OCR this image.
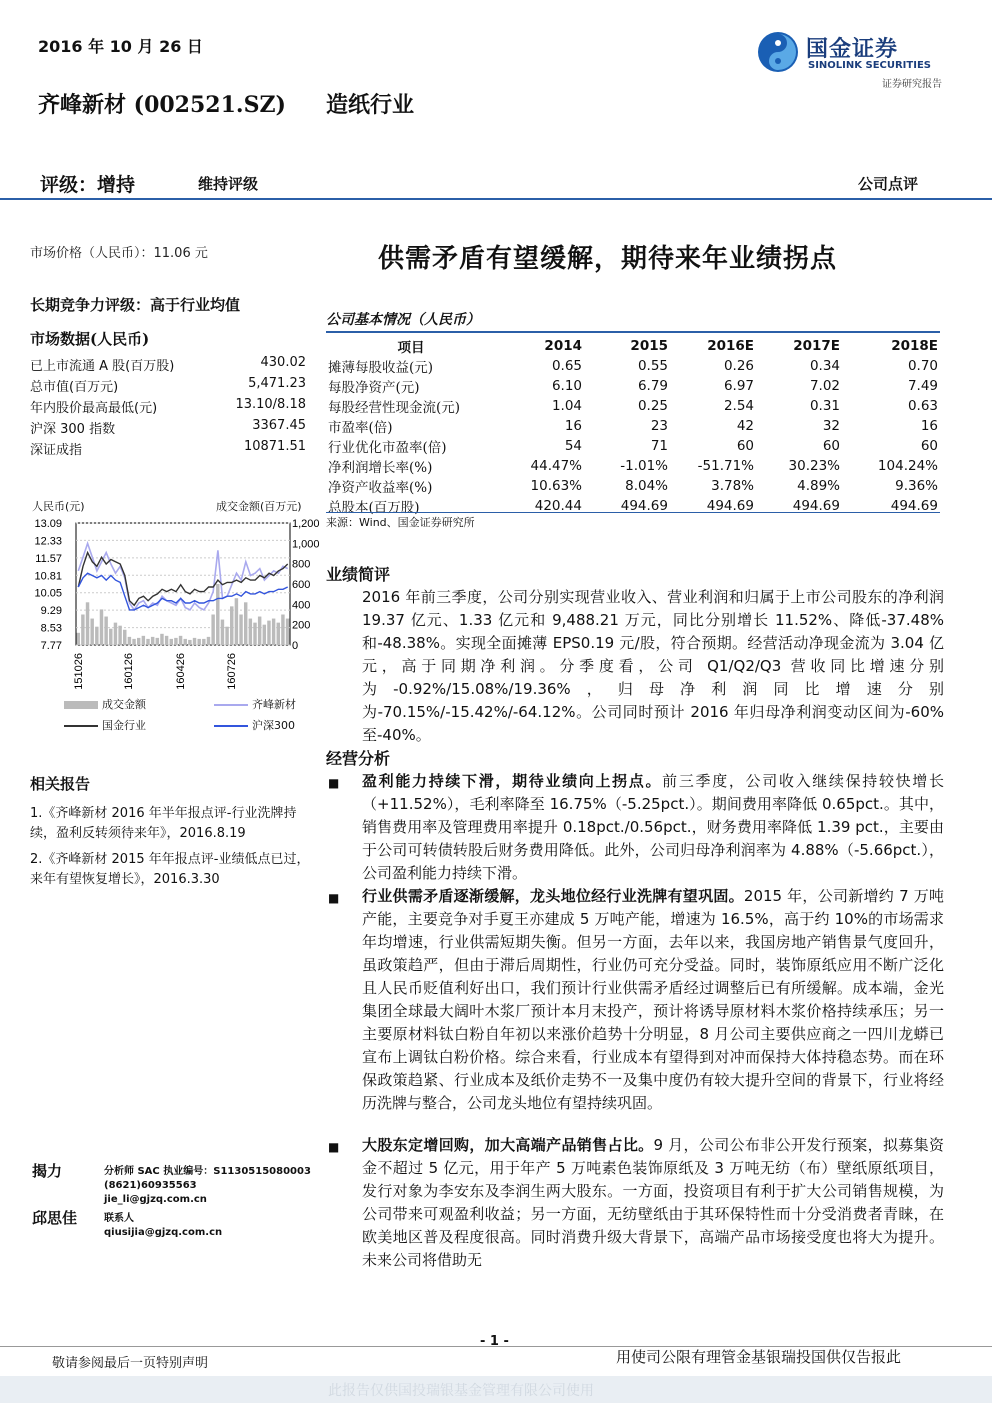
2016 年 10 月 26 日	国金证券
SINOLINK SECURITIES
证券研究报告
齐峰新材 (002521.SZ) 造纸行业
评级：增持	维持评级	公司点评
市场价格（人民币）：11.06 元	供需矛盾有望缓解，期待来年业绩拐点
长期竞争力评级：高于行业均值
市场数据(人民币)
已上市流通 A 股(百万股)	430.02
总市值(百万元)	5,471.23
年内股价最高最低(元)	13.10/8.18
沪深 300 指数	3367.45
深证成指	10871.51
人民币(元)	成交金额(百万元)
13.09
12.33
11.57
10.81
10.05
9.29
8.53
7.77
1,200
1,000
800
600
400
200
0
151026	160126	160426	160726
成交金额	齐峰新材
国金行业	沪深300
相关报告
1.《齐峰新材 2016 年半年报点评-行业洗牌持续，盈利反转须待来年》，2016.8.19
2.《齐峰新材 2015 年年报点评-业绩低点已过，来年有望恢复增长》，2016.3.30
揭力	分析师 SAC 执业编号：S1130515080003
(8621)60935563
jie_li@gjzq.com.cn
邱思佳	联系人
qiusijia@gjzq.com.cn
公司基本情况（人民币）
项目	2014	2015	2016E	2017E	2018E
摊薄每股收益(元)	0.65	0.55	0.26	0.34	0.70
每股净资产(元)	6.10	6.79	6.97	7.02	7.49
每股经营性现金流(元)	1.04	0.25	2.54	0.31	0.63
市盈率(倍)	16	23	42	32	16
行业优化市盈率(倍)	54	71	60	60	60
净利润增长率(%)	44.47%	-1.01%	-51.71%	30.23%	104.24%
净资产收益率(%)	10.63%	8.04%	3.78%	4.89%	9.36%
总股本(百万股)	420.44	494.69	494.69	494.69	494.69
来源：Wind、国金证券研究所
业绩简评
2016 年前三季度，公司分别实现营业收入、营业利润和归属于上市公司股东的净利润 19.37 亿元、1.33 亿元和 9,488.21 万元，同比分别增长 11.52%、降低-37.48%和-48.38%。实现全面摊薄 EPS0.19 元/股，符合预期。经营活动净现金流为 3.04 亿元，高于同期净利润。分季度看，公司 Q1/Q2/Q3 营收同比增速分别为-0.92%/15.08%/19.36%，归母净利润同比增速分别为-70.15%/-15.42%/-64.12%。公司同时预计 2016 年归母净利润变动区间为-60%至-40%。
经营分析
■ 盈利能力持续下滑，期待业绩向上拐点。前三季度，公司收入继续保持较快增长（+11.52%），毛利率降至 16.75%（-5.25pct.）。期间费用率降低 0.65pct.。其中，销售费用率及管理费用率提升 0.18pct./0.56pct.，财务费用率降低 1.39 pct.，主要由于公司可转债转股后财务费用降低。此外，公司归母净利润率为 4.88%（-5.66pct.），公司盈利能力持续下滑。
■ 行业供需矛盾逐渐缓解，龙头地位经行业洗牌有望巩固。2015 年，公司新增约 7 万吨产能，主要竞争对手夏王亦建成 5 万吨产能，增速为 16.5%，高于约 10%的市场需求年均增速，行业供需短期失衡。但另一方面，去年以来，我国房地产销售景气度回升，虽政策趋严，但由于滞后周期性，行业仍可充分受益。同时，装饰原纸应用不断广泛化且人民币贬值利好出口，我们预计行业供需矛盾经过调整后已有所缓解。成本端，金光集团全球最大阔叶木浆厂预计本月末投产，预计将诱导原材料木浆价格持续承压；另一主要原材料钛白粉自年初以来涨价趋势十分明显，8 月公司主要供应商之一四川龙蟒已宣布上调钛白粉价格。综合来看，行业成本有望得到对冲而保持大体持稳态势。而在环保政策趋紧、行业成本及纸价走势不一及集中度仍有较大提升空间的背景下，行业将经历洗牌与整合，公司龙头地位有望持续巩固。
■ 大股东定增回购，加大高端产品销售占比。9 月，公司公布非公开发行预案，拟募集资金不超过 5 亿元，用于年产 5 万吨素色装饰原纸及 3 万吨无纺（布）壁纸原纸项目，发行对象为李安东及李润生两大股东。一方面，投资项目有利于扩大公司销售规模，为公司带来可观盈利收益；另一方面，无纺壁纸由于其环保特性而十分受消费者青睐，在欧美地区普及程度很高。同时消费升级大背景下，高端产品市场接受度也将大为提升。未来公司将借助无
- 1 -
敬请参阅最后一页特别声明	用使司公限有理管金基银瑞投国供仅告报此
此报告仅供国投瑞银基金管理有限公司使用
